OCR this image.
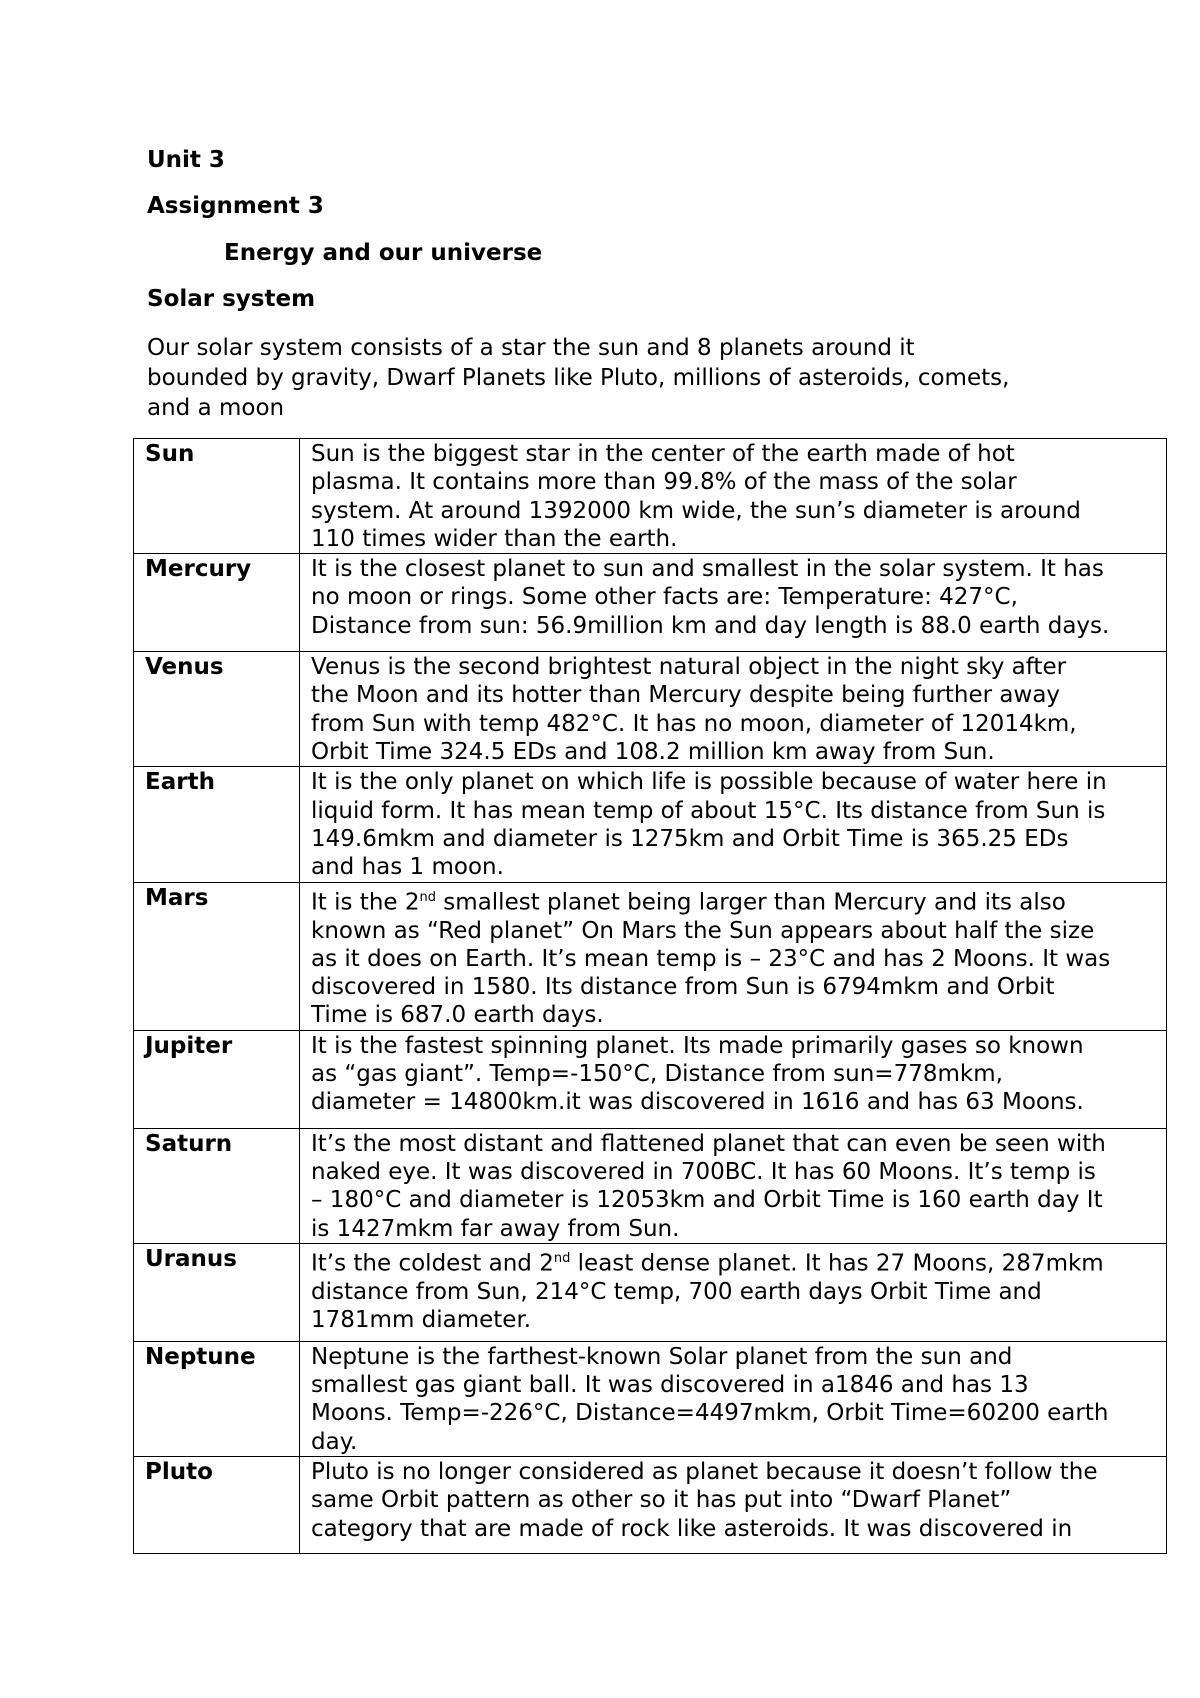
Unit 3
Assignment 3
Energy and our universe
Solar system
Our solar system consists of a star the sun and 8 planets around it
bounded by gravity, Dwarf Planets like Pluto, millions of asteroids, comets,
and a moon
Sun	Sun is the biggest star in the center of the earth made of hot
plasma. It contains more than 99.8% of the mass of the solar
system. At around 1392000 km wide, the sun’s diameter is around
110 times wider than the earth.

Mercury	It is the closest planet to sun and smallest in the solar system. It has
no moon or rings. Some other facts are: Temperature: 427°C,
Distance from sun: 56.9million km and day length is 88.0 earth days.

Venus	Venus is the second brightest natural object in the night sky after
the Moon and its hotter than Mercury despite being further away
from Sun with temp 482°C. It has no moon, diameter of 12014km,
Orbit Time 324.5 EDs and 108.2 million km away from Sun.

Earth	It is the only planet on which life is possible because of water here in
liquid form. It has mean temp of about 15°C. Its distance from Sun is
149.6mkm and diameter is 1275km and Orbit Time is 365.25 EDs
and has 1 moon.

Mars	It is the 2nd smallest planet being larger than Mercury and its also
known as “Red planet” On Mars the Sun appears about half the size
as it does on Earth. It’s mean temp is – 23°C and has 2 Moons. It was
discovered in 1580. Its distance from Sun is 6794mkm and Orbit
Time is 687.0 earth days.

Jupiter	It is the fastest spinning planet. Its made primarily gases so known
as “gas giant”. Temp=-150°C, Distance from sun=778mkm,
diameter = 14800km.it was discovered in 1616 and has 63 Moons.

Saturn	It’s the most distant and flattened planet that can even be seen with
naked eye. It was discovered in 700BC. It has 60 Moons. It’s temp is
– 180°C and diameter is 12053km and Orbit Time is 160 earth day It
is 1427mkm far away from Sun.

Uranus	It’s the coldest and 2nd least dense planet. It has 27 Moons, 287mkm
distance from Sun, 214°C temp, 700 earth days Orbit Time and
1781mm diameter.

Neptune	Neptune is the farthest-known Solar planet from the sun and
smallest gas giant ball. It was discovered in a1846 and has 13
Moons. Temp=-226°C, Distance=4497mkm, Orbit Time=60200 earth
day.

Pluto	Pluto is no longer considered as planet because it doesn’t follow the
same Orbit pattern as other so it has put into “Dwarf Planet”
category that are made of rock like asteroids. It was discovered in
